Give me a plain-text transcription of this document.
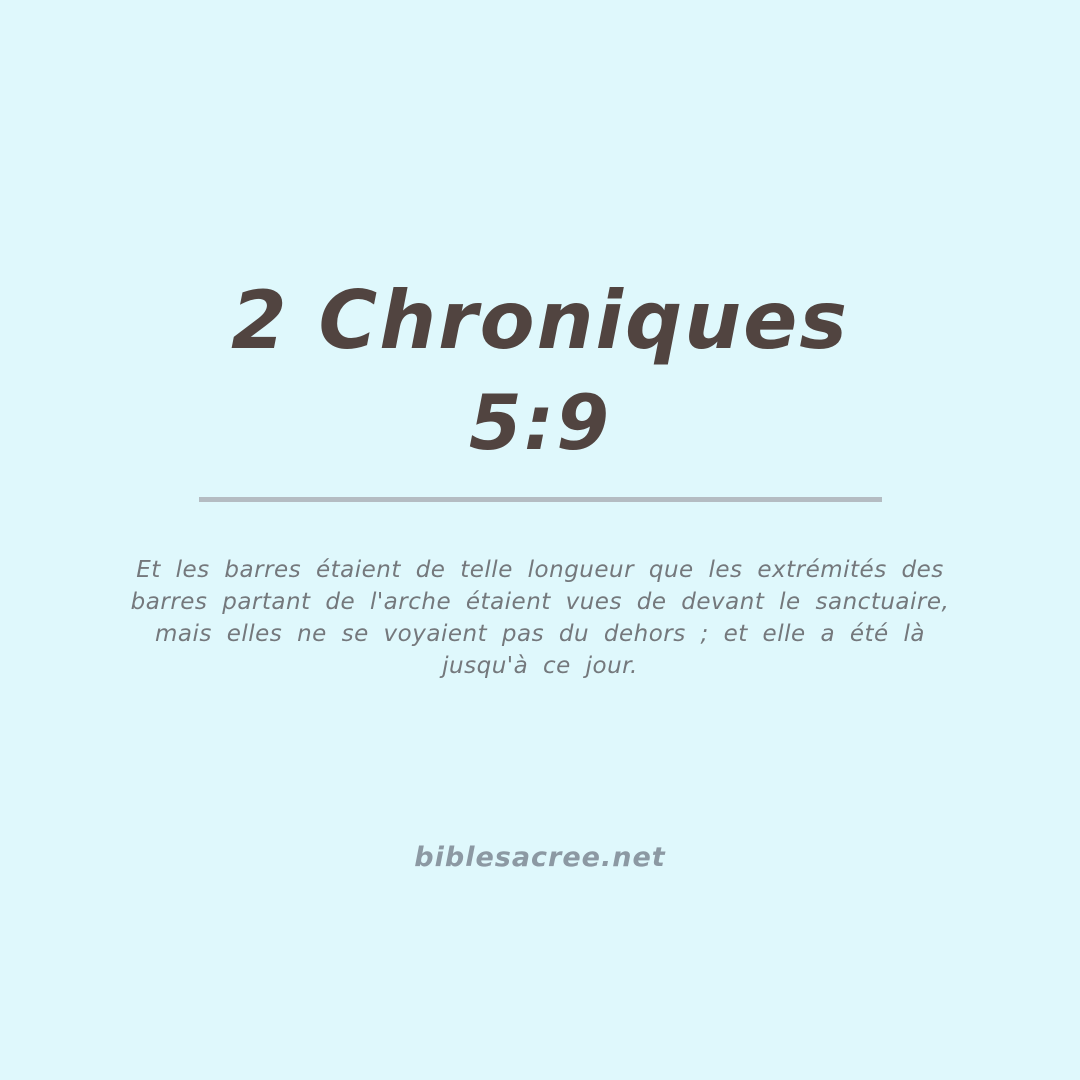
2 Chroniques
5:9
Et les barres étaient de telle longueur que les extrémités des
barres partant de l'arche étaient vues de devant le sanctuaire,
mais elles ne se voyaient pas du dehors ; et elle a été là
jusqu'à ce jour.
biblesacree.net
